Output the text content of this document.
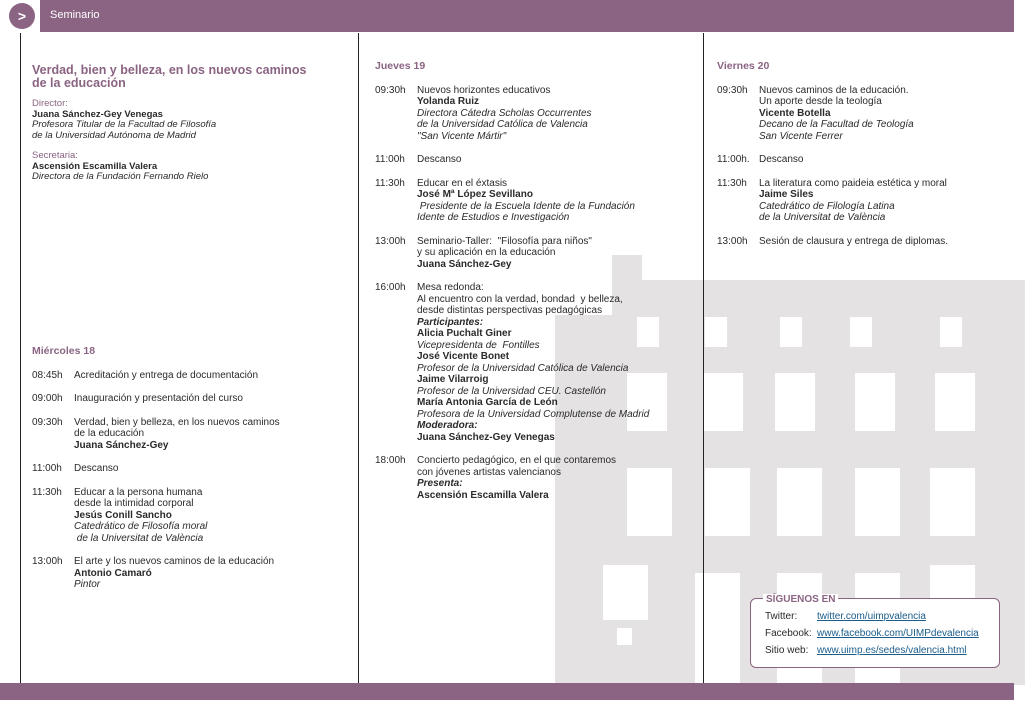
>	Seminario
Verdad, bien y belleza, en los nuevos caminos
de la educación
Director:
Juana Sánchez-Gey Venegas
Profesora Titular de la Facultad de Filosofía
de la Universidad Autónoma de Madrid
Secretaria:
Ascensión Escamilla Valera
Directora de la Fundación Fernando Rielo
Miércoles 18
08:45h Acreditación y entrega de documentación
09:00h Inauguración y presentación del curso
09:30h Verdad, bien y belleza, en los nuevos caminos
de la educación
Juana Sánchez-Gey
11:00h Descanso
11:30h Educar a la persona humana
desde la intimidad corporal
Jesús Conill Sancho
Catedrático de Filosofía moral
de la Universitat de València
13:00h El arte y los nuevos caminos de la educación
Antonio Camaró
Pintor
Jueves 19
09:30h Nuevos horizontes educativos
Yolanda Ruiz
Directora Cátedra Scholas Occurrentes
de la Universidad Católica de Valencia
"San Vicente Mártir"
11:00h Descanso
11:30h Educar en el éxtasis
José Mª López Sevillano
Presidente de la Escuela Idente de la Fundación
Idente de Estudios e Investigación
13:00h Seminario-Taller:  "Filosofía para niños"
y su aplicación en la educación
Juana Sánchez-Gey
16:00h Mesa redonda:
Al encuentro con la verdad, bondad  y belleza,
desde distintas perspectivas pedagógicas
Participantes:
Alicia Puchalt Giner
Vicepresidenta de  Fontilles
José Vicente Bonet
Profesor de la Universidad Católica de Valencia
Jaime Vilarroig
Profesor de la Universidad CEU. Castellón
María Antonia García de León
Profesora de la Universidad Complutense de Madrid
Moderadora:
Juana Sánchez-Gey Venegas
18:00h Concierto pedagógico, en el que contaremos
con jóvenes artistas valencianos
Presenta:
Ascensión Escamilla Valera
Viernes 20
09:30h Nuevos caminos de la educación.
Un aporte desde la teología
Vicente Botella
Decano de la Facultad de Teología
San Vicente Ferrer
11:00h. Descanso
11:30h La literatura como paideia estética y moral
Jaime Siles
Catedrático de Filología Latina
de la Universitat de València
13:00h Sesión de clausura y entrega de diplomas.
SÍGUENOS EN
Twitter: twitter.com/uimpvalencia
Facebook: www.facebook.com/UIMPdevalencia
Sitio web: www.uimp.es/sedes/valencia.html
